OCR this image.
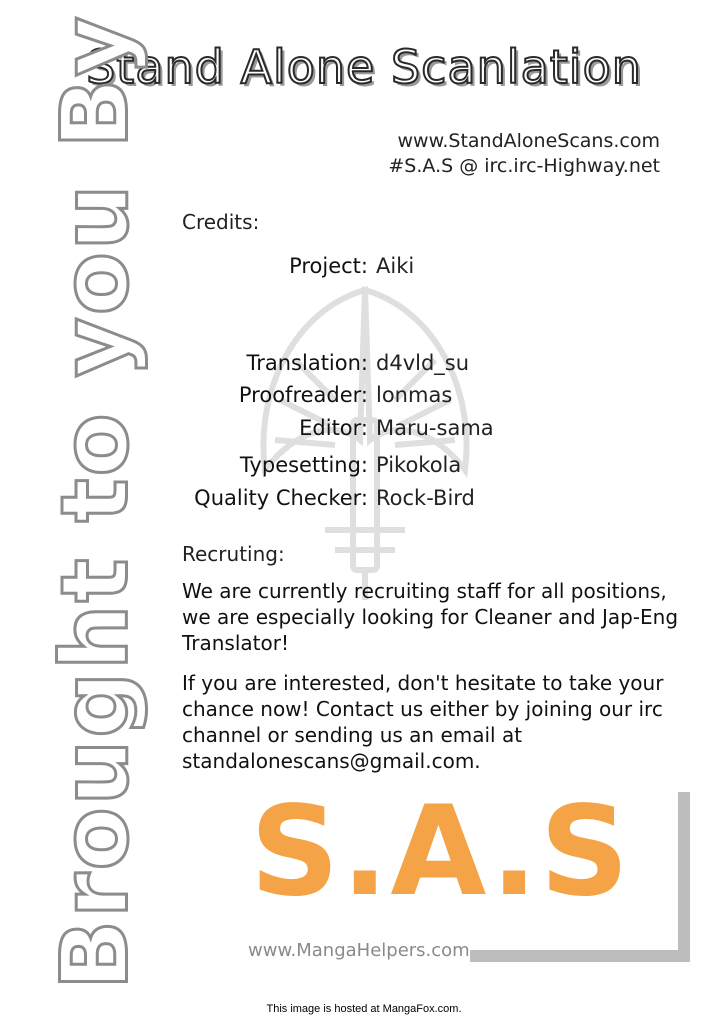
Stand Alone Scanlation
www.StandAloneScans.com
#S.A.S @ irc.irc-Highway.net
Brought to you By Credits:
Project: Aiki
Translation: d4vld_su
Proofreader: lonmas
Editor: Maru-sama
Typesetting: Pikokola
Quality Checker: Rock-Bird
Recruting:
We are currently recruiting staff for all positions, we are especially looking for Cleaner and Jap-Eng Translator!
If you are interested, don't hesitate to take your chance now! Contact us either by joining our irc channel or sending us an email at standalonescans@gmail.com.
S.A.S
www.MangaHelpers.com
This image is hosted at MangaFox.com.
